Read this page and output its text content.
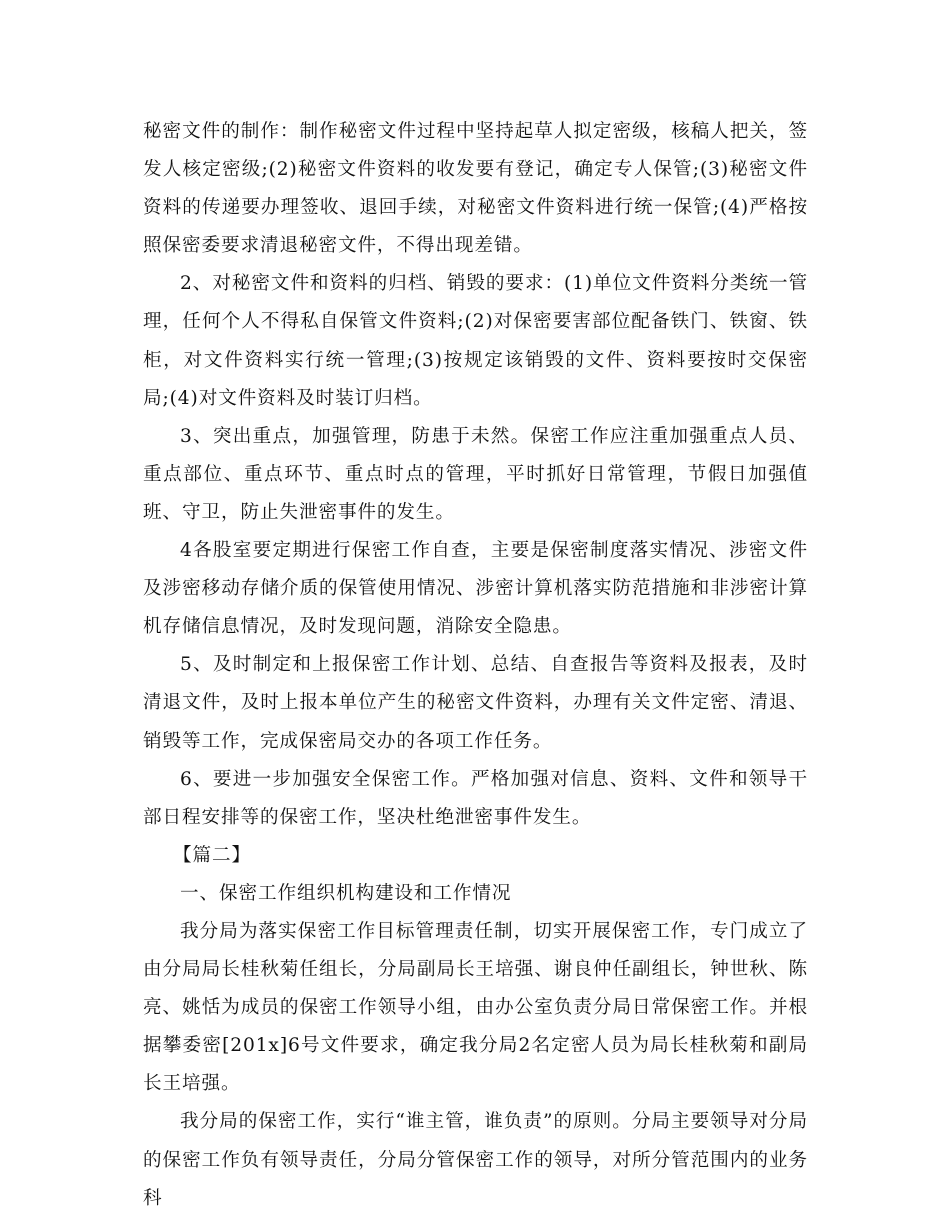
秘密文件的制作：制作秘密文件过程中坚持起草人拟定密级，核稿人把关，签发人核定密级;(2)秘密文件资料的收发要有登记，确定专人保管;(3)秘密文件资料的传递要办理签收、退回手续，对秘密文件资料进行统一保管;(4)严格按照保密委要求清退秘密文件，不得出现差错。

2、对秘密文件和资料的归档、销毁的要求：(1)单位文件资料分类统一管理，任何个人不得私自保管文件资料;(2)对保密要害部位配备铁门、铁窗、铁柜，对文件资料实行统一管理;(3)按规定该销毁的文件、资料要按时交保密局;(4)对文件资料及时装订归档。

3、突出重点，加强管理，防患于未然。保密工作应注重加强重点人员、重点部位、重点环节、重点时点的管理，平时抓好日常管理，节假日加强值班、守卫，防止失泄密事件的发生。

4各股室要定期进行保密工作自查，主要是保密制度落实情况、涉密文件及涉密移动存储介质的保管使用情况、涉密计算机落实防范措施和非涉密计算机存储信息情况，及时发现问题，消除安全隐患。

5、及时制定和上报保密工作计划、总结、自查报告等资料及报表，及时清退文件，及时上报本单位产生的秘密文件资料，办理有关文件定密、清退、销毁等工作，完成保密局交办的各项工作任务。

6、要进一步加强安全保密工作。严格加强对信息、资料、文件和领导干部日程安排等的保密工作，坚决杜绝泄密事件发生。

【篇二】

一、保密工作组织机构建设和工作情况

我分局为落实保密工作目标管理责任制，切实开展保密工作，专门成立了由分局局长桂秋菊任组长，分局副局长王培强、谢良仲任副组长，钟世秋、陈亮、姚恬为成员的保密工作领导小组，由办公室负责分局日常保密工作。并根据攀委密[201x]6号文件要求，确定我分局2名定密人员为局长桂秋菊和副局长王培强。

我分局的保密工作，实行“谁主管，谁负责”的原则。分局主要领导对分局的保密工作负有领导责任，分局分管保密工作的领导，对所分管范围内的业务科
